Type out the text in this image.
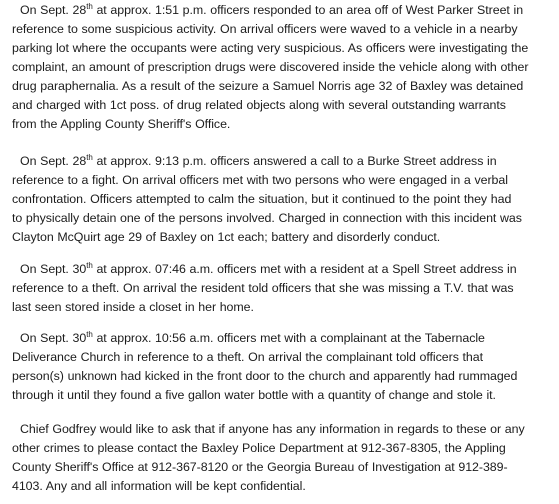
On Sept. 28th at approx. 1:51 p.m. officers responded to an area off of West Parker Street in
reference to some suspicious activity. On arrival officers were waved to a vehicle in a nearby
parking lot where the occupants were acting very suspicious. As officers were investigating the
complaint, an amount of prescription drugs were discovered inside the vehicle along with other
drug paraphernalia. As a result of the seizure a Samuel Norris age 32 of Baxley was detained
and charged with 1ct poss. of drug related objects along with several outstanding warrants
from the Appling County Sheriff's Office.
On Sept. 28th at approx. 9:13 p.m. officers answered a call to a Burke Street address in
reference to a fight. On arrival officers met with two persons who were engaged in a verbal
confrontation. Officers attempted to calm the situation, but it continued to the point they had
to physically detain one of the persons involved. Charged in connection with this incident was
Clayton McQuirt age 29 of Baxley on 1ct each; battery and disorderly conduct.
On Sept. 30th at approx. 07:46 a.m. officers met with a resident at a Spell Street address in
reference to a theft. On arrival the resident told officers that she was missing a T.V. that was
last seen stored inside a closet in her home.
On Sept. 30th at approx. 10:56 a.m. officers met with a complainant at the Tabernacle
Deliverance Church in reference to a theft. On arrival the complainant told officers that
person(s) unknown had kicked in the front door to the church and apparently had rummaged
through it until they found a five gallon water bottle with a quantity of change and stole it.
Chief Godfrey would like to ask that if anyone has any information in regards to these or any
other crimes to please contact the Baxley Police Department at 912-367-8305, the Appling
County Sheriff's Office at 912-367-8120 or the Georgia Bureau of Investigation at 912-389-
4103. Any and all information will be kept confidential.
